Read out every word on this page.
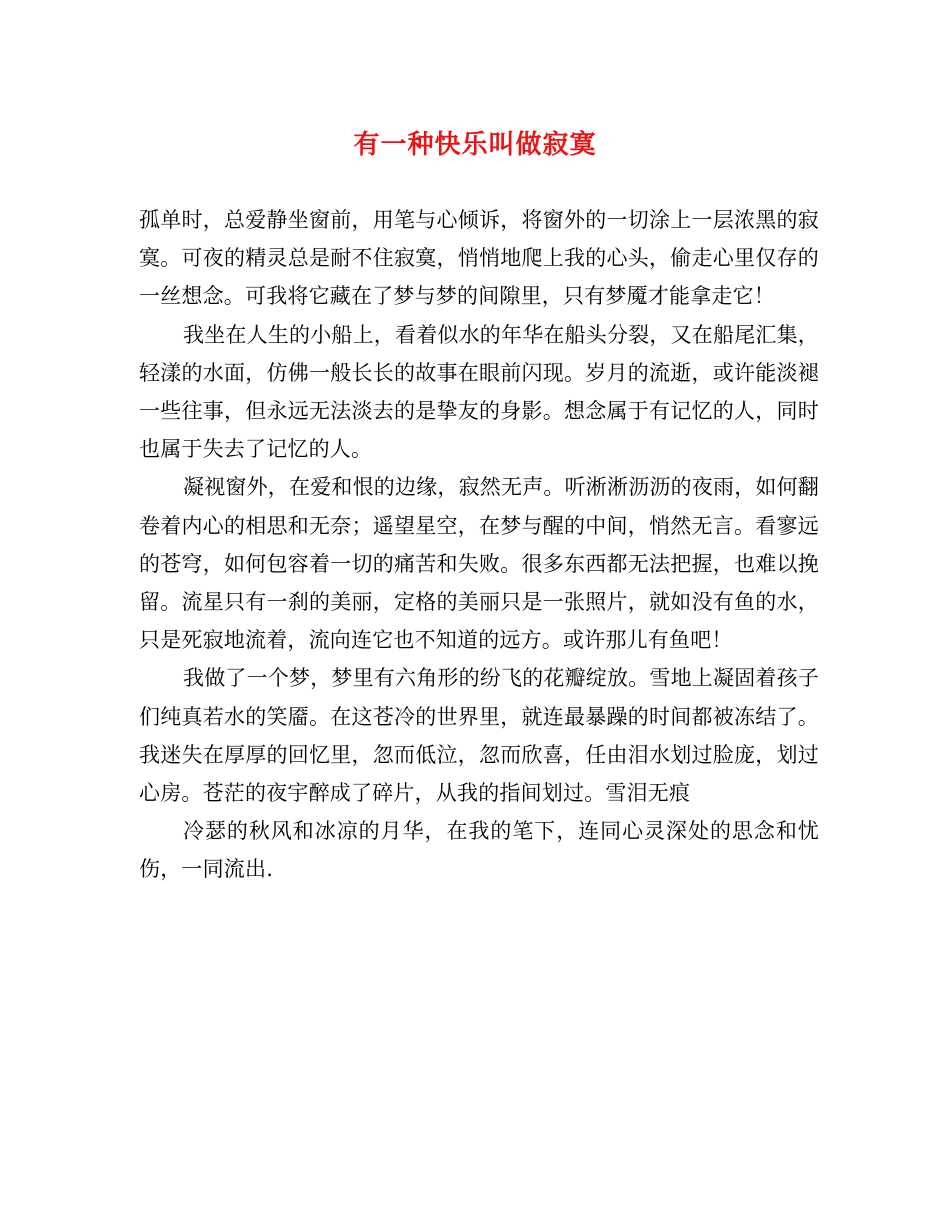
有一种快乐叫做寂寞

孤单时，总爱静坐窗前，用笔与心倾诉，将窗外的一切涂上一层浓黑的寂寞。可夜的精灵总是耐不住寂寞，悄悄地爬上我的心头，偷走心里仅存的一丝想念。可我将它藏在了梦与梦的间隙里，只有梦魇才能拿走它！

我坐在人生的小船上，看着似水的年华在船头分裂，又在船尾汇集，轻漾的水面，仿佛一般长长的故事在眼前闪现。岁月的流逝，或许能淡褪一些往事，但永远无法淡去的是挚友的身影。想念属于有记忆的人，同时也属于失去了记忆的人。

凝视窗外，在爱和恨的边缘，寂然无声。听淅淅沥沥的夜雨，如何翻卷着内心的相思和无奈；遥望星空，在梦与醒的中间，悄然无言。看寥远的苍穹，如何包容着一切的痛苦和失败。很多东西都无法把握，也难以挽留。流星只有一刹的美丽，定格的美丽只是一张照片，就如没有鱼的水，只是死寂地流着，流向连它也不知道的远方。或许那儿有鱼吧！

我做了一个梦，梦里有六角形的纷飞的花瓣绽放。雪地上凝固着孩子们纯真若水的笑靥。在这苍冷的世界里，就连最暴躁的时间都被冻结了。我迷失在厚厚的回忆里，忽而低泣，忽而欣喜，任由泪水划过脸庞，划过心房。苍茫的夜宇醉成了碎片，从我的指间划过。雪泪无痕

冷瑟的秋风和冰凉的月华，在我的笔下，连同心灵深处的思念和忧伤，一同流出.
